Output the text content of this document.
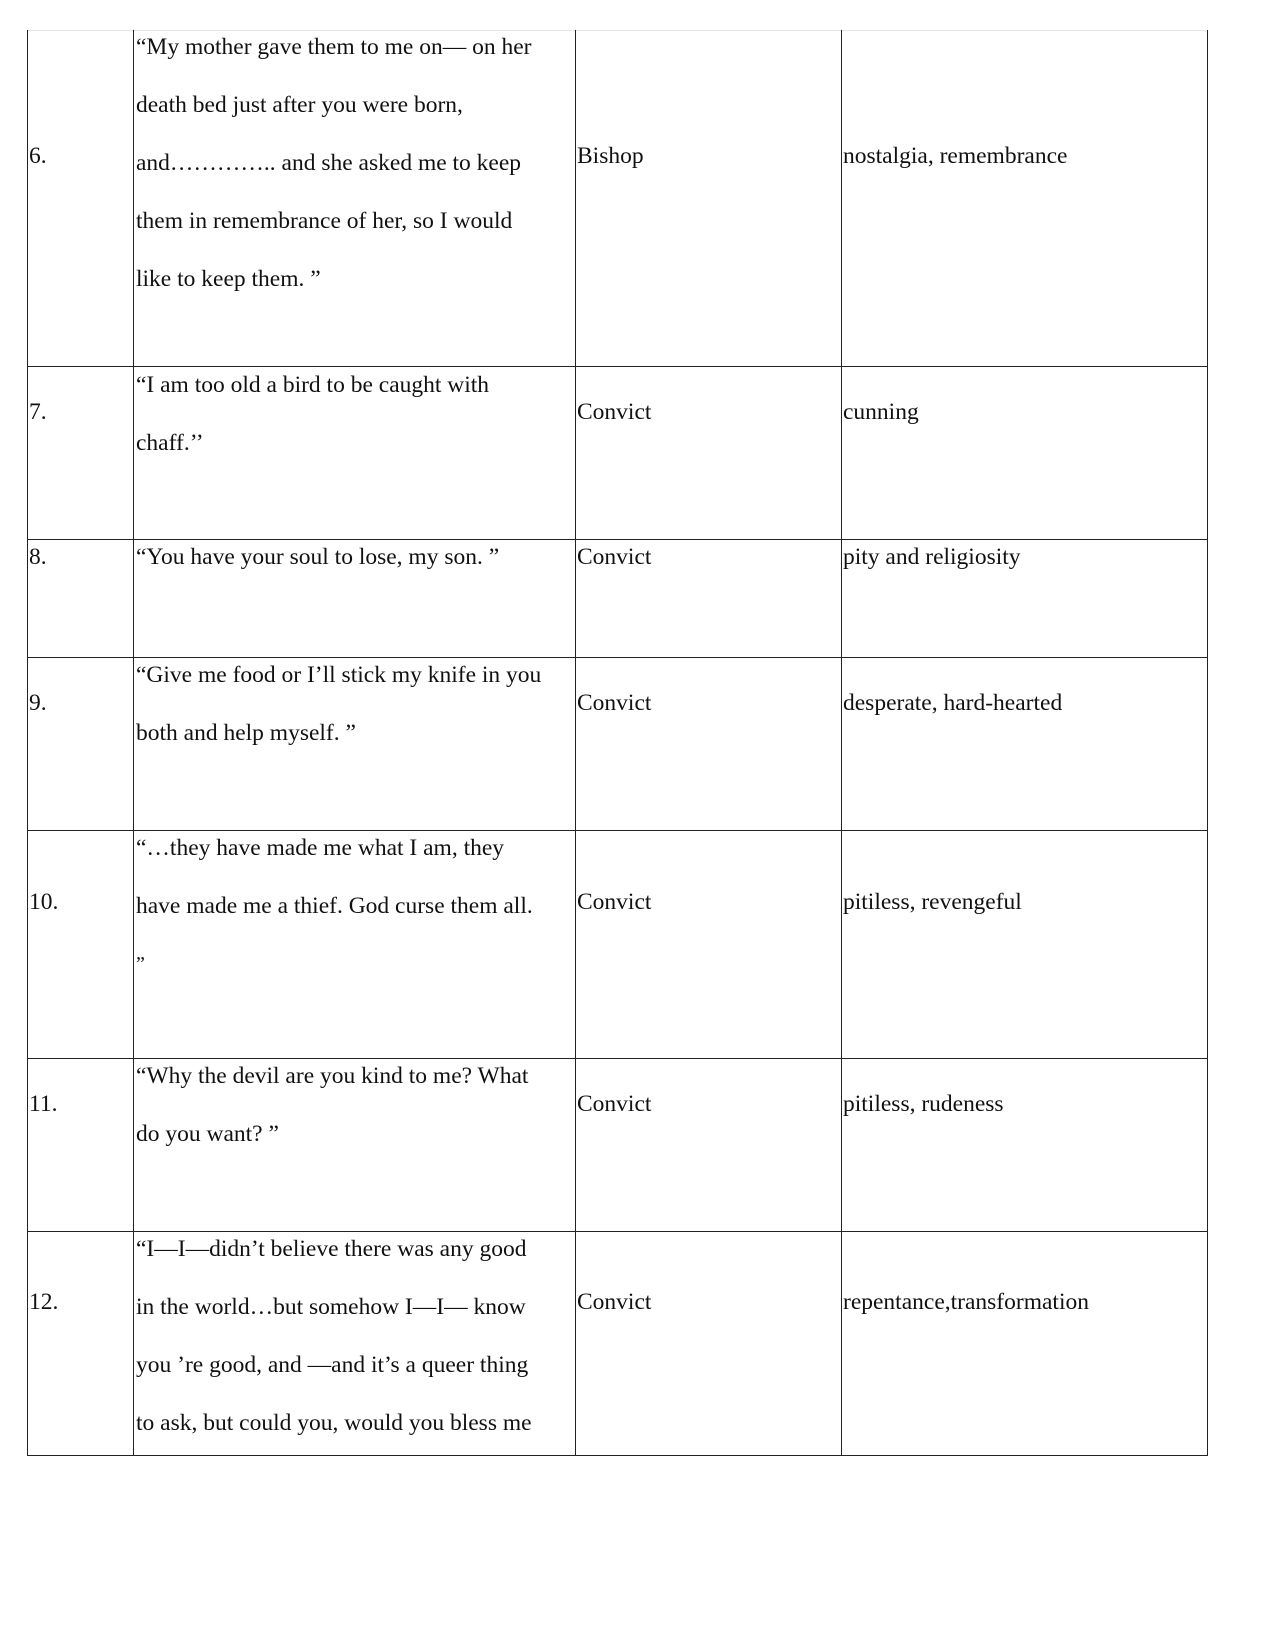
6.	“My mother gave them to me on— on her
death bed just after you were born,
and………….. and she asked me to keep
them in remembrance of her, so I would
like to keep them. ”	Bishop	nostalgia, remembrance

7.	“I am too old a bird to be caught with
chaff.’’	Convict	cunning

8.	“You have your soul to lose, my son. ”	Convict	pity and religiosity

9.	“Give me food or I’ll stick my knife in you
both and help myself. ”	Convict	desperate, hard-hearted

10.	“…they have made me what I am, they
have made me a thief. God curse them all.
”	Convict	pitiless, revengeful

11.	“Why the devil are you kind to me? What
do you want? ”	Convict	pitiless, rudeness

12.	“I—I—didn’t believe there was any good
in the world…but somehow I—I— know
you ’re good, and —and it’s a queer thing
to ask, but could you, would you bless me	Convict	repentance,transformation
